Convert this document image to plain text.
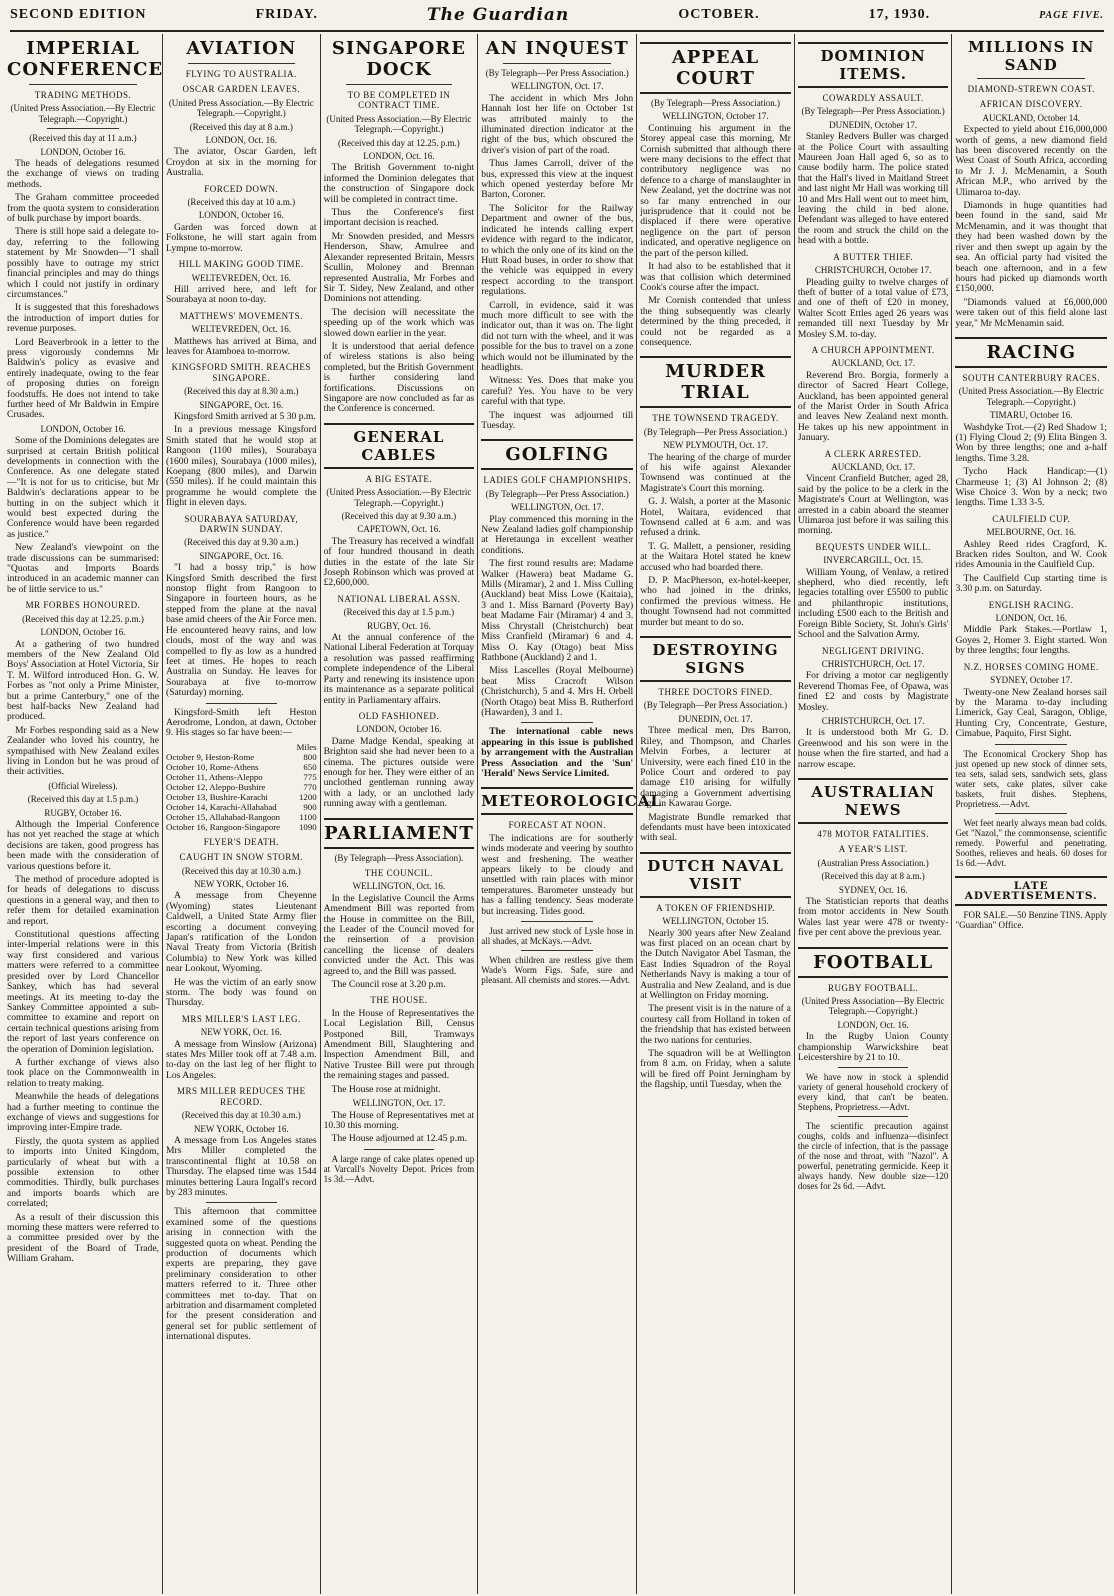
SECOND EDITION	FRIDAY.	The Guardian	OCTOBER.	17, 1930.	PAGE FIVE.
IMPERIAL CONFERENCE
TRADING METHODS.
(United Press Association.—By Electric Telegraph.—Copyright.)
(Received this day at 11 a.m.)
LONDON, October 16.

The heads of delegations resumed the exchange of views on trading methods.

The Graham committee proceeded from the quota system to consideration of bulk purchase by import boards.

There is still hope said a delegate to-day, referring to the following statement by Mr Snowden—"I shall possibly have to outrage my strict financial principles and may do things which I could not justify in ordinary circumstances."

It is suggested that this foreshadows the introduction of import duties for revenue purposes.

Lord Beaverbrook in a letter to the press vigorously condemns Mr Baldwin's policy as evasive and entirely inadequate, owing to the fear of proposing duties on foreign foodstuffs. He does not intend to take further heed of Mr Baldwin in Empire Crusades.

LONDON, October 16.

Some of the Dominions delegates are surprised at certain British political developments in connection with the Conference. As one delegate stated—"It is not for us to criticise, but Mr Baldwin's declarations appear to be butting in on the subject which it would best expected during the Conference would have been regarded as justice."

New Zealand's viewpoint on the trade discussions can be summarised: "Quotas and Imports Boards introduced in an academic manner can be of little service to us."

MR FORBES HONOURED.
(Received this day at 12.25. p.m.)
LONDON, October 16.

At a gathering of two hundred members of the New Zealand Old Boys' Association at Hotel Victoria, Sir T. M. Wilford introduced Hon. G. W. Forbes as "not only a Prime Minister, but a prime Canterbury," one of the best half-backs New Zealand had produced.

Mr Forbes responding said as a New Zealander who loved his country, he sympathised with New Zealand exiles living in London but he was proud of their activities.

(Official Wireless).
(Received this day at 1.5 p.m.)
RUGBY, October 16.

Although the Imperial Conference has not yet reached the stage at which decisions are taken, good progress has been made with the consideration of various questions before it.

The method of procedure adopted is for heads of delegations to discuss questions in a general way, and then to refer them for detailed examination and report.

Constitutional questions affecting inter-Imperial relations were in this way first considered and various matters were referred to a committee presided over by Lord Chancellor Sankey, which has had several meetings. At its meeting to-day the Sankey Committee appointed a sub-committee to examine and report on certain technical questions arising from the report of last years conference on the operation of Dominion legislation.

A further exchange of views also took place on the Commonwealth in relation to treaty making.

Meanwhile the heads of delegations had a further meeting to continue the exchange of views and suggestions for improving inter-Empire trade.

Firstly, the quota system as applied to imports into United Kingdom, particularly of wheat but with a possible extension to other commodities. Thirdly, bulk purchases and imports boards which are correlated;

As a result of their discussion this morning these matters were referred to a committee presided over by the president of the Board of Trade, William Graham.

AVIATION
FLYING TO AUSTRALIA.
OSCAR GARDEN LEAVES.
(United Press Association.—By Electric Telegraph.—Copyright.)
(Received this day at 8 a.m.)
LONDON, Oct. 16.

The aviator, Oscar Garden, left Croydon at six in the morning for Australia.

FORCED DOWN.
(Received this day at 10 a.m.)
LONDON, October 16.

Garden was forced down at Folkstone, he will start again from Lympne to-morrow.

HILL MAKING GOOD TIME.
WELTEVREDEN, Oct. 16.

Hill arrived here, and left for Sourabaya at noon to-day.

MATTHEWS' MOVEMENTS.
WELTEVREDEN, Oct. 16.

Matthews has arrived at Bima, and leaves for Atamboea to-morrow.

KINGSFORD SMITH. REACHES SINGAPORE.
(Received this day at 8.30 a.m.)
SINGAPORE, Oct. 16.

Kingsford Smith arrived at 5 30 p.m.

In a previous message Kingsford Smith stated that he would stop at Rangoon (1100 miles), Sourabaya (1600 miles), Sourabaya (1000 miles), Koepang (800 miles), and Darwin (550 miles). If he could maintain this programme he would complete the flight in eleven days.

SOURABAYA SATURDAY, DARWIN SUNDAY.
(Received this day at 9.30 a.m.)
SINGAPORE, Oct. 16.

"I had a bossy trip," is how Kingsford Smith described the first nonstop flight from Rangoon to Singapore in fourteen hours, as he stepped from the plane at the naval base amid cheers of the Air Force men. He encountered heavy rains, and low clouds, most of the way and was compelled to fly as low as a hundred feet at times. He hopes to reach Australia on Sunday. He leaves for Sourabaya at five to-morrow (Saturday) morning.

Kingsford-Smith left Heston Aerodrome, London, at dawn, October 9. His stages so far have been:—

Miles
October 9, Heston-Rome	800
October 10, Rome-Athens	650
October 11, Athens-Aleppo	775
October 12, Aleppo-Bushire	770
October 13, Bushire-Karachi	1200
October 14, Karachi-Allahabad	900
October 15, Allahabad-Rangoon 1100
October 16, Rangoon-Singapore 1090
FLYER'S DEATH.
CAUGHT IN SNOW STORM.
(Received this day at 10.30 a.m.)
NEW YORK, October 16.

A message from Cheyenne (Wyoming) states Lieutenant Caldwell, a United State Army flier escorting a document conveying Japan's ratification of the London Naval Treaty from Victoria (British Columbia) to New York was killed near Lookout, Wyoming.

He was the victim of an early snow storm. The body was found on Thursday.

MRS MILLER'S LAST LEG.
NEW YORK, Oct. 16.

A message from Winslow (Arizona) states Mrs Miller took off at 7.48 a.m. to-day on the last leg of her flight to Los Angeles.

MRS MILLER REDUCES THE RECORD.
(Received this day at 10.30 a.m.)
NEW YORK, October 16.

A message from Los Angeles states Mrs Miller completed the transcontinental flight at 10.58 on Thursday. The elapsed time was 1544 minutes bettering Laura Ingall's record by 283 minutes.

This afternoon that committee examined some of the questions arising in connection with the suggested quota on wheat. Pending the production of documents which experts are preparing, they gave preliminary consideration to other matters referred to it. Three other committees met to-day. That on arbitration and disarmament completed for the present consideration and general set for public settlement of international disputes.

SINGAPORE DOCK
TO BE COMPLETED IN CONTRACT TIME.
(United Press Association.—By Electric Telegraph.—Copyright.)
(Received this day at 12.25. p.m.)
LONDON, Oct. 16.

The British Government to-night informed the Dominion delegates that the construction of Singapore dock will be completed in contract time.

Thus the Conference's first important decision is reached.

Mr Snowden presided, and Messrs Henderson, Shaw, Amulree and Alexander represented Britain, Messrs Scullin, Moloney and Brennan represented Australia, Mr Forbes and Sir T. Sidey, New Zealand, and other Dominions not attending.

The decision will necessitate the speeding up of the work which was slowed down earlier in the year.

It is understood that aerial defence of wireless stations is also being completed, but the British Government is further considering land fortifications. Discussions on Singapore are now concluded as far as the Conference is concerned.

GENERAL CABLES
A BIG ESTATE.
(United Press Association.—By Electric Telegraph.—Copyright.)
(Received this day at 9.30 a.m.)
CAPETOWN, Oct. 16.

The Treasury has received a windfall of four hundred thousand in death duties in the estate of the late Sir Joseph Robinson which was proved at £2,600,000.

NATIONAL LIBERAL ASSN.
(Received this day at 1.5 p.m.)
RUGBY, Oct. 16.

At the annual conference of the National Liberal Federation at Torquay a resolution was passed reaffirming complete independence of the Liberal Party and renewing its insistence upon its maintenance as a separate political entity in Parliamentary affairs.

OLD FASHIONED.
LONDON, October 16.

Dame Madge Kendal, speaking at Brighton said she had never been to a cinema. The pictures outside were enough for her. They were either of an unclothed gentleman running away with a lady, or an unclothed lady running away with a gentleman.

PARLIAMENT
(By Telegraph—Press Association).
THE COUNCIL.
WELLINGTON, Oct. 16.

In the Legislative Council the Arms Amendment Bill was reported from the House in committee on the Bill, the Leader of the Council moved for the reinsertion of a provision cancelling the license of dealers convicted under the Act. This was agreed to, and the Bill was passed.

The Council rose at 3.20 p.m.

THE HOUSE.

In the House of Representatives the Local Legislation Bill, Census Postponed Bill, Tramways Amendment Bill, Slaughtering and Inspection Amendment Bill, and Native Trustee Bill were put through the remaining stages and passed.

The House rose at midnight.

WELLINGTON, Oct. 17.

The House of Representatives met at 10.30 this morning.

The House adjourned at 12.45 p.m.

A large range of cake plates opened up at Varcall's Novelty Depot. Prices from 1s 3d.—Advt.

AN INQUEST
(By Telegraph—Per Press Association.)
WELLINGTON, Oct. 17.

The accident in which Mrs John Hannah lost her life on October 1st was attributed mainly to the illuminated direction indicator at the right of the bus, which obscured the driver's vision of part of the road.

Thus James Carroll, driver of the bus, expressed this view at the inquest which opened yesterday before Mr Barton, Coroner.

The Solicitor for the Railway Department and owner of the bus, indicated he intends calling expert evidence with regard to the indicator, to which the only one of its kind on the Hutt Road buses, in order to show that the vehicle was equipped in every respect according to the transport regulations.

Carroll, in evidence, said it was much more difficult to see with the indicator out, than it was on. The light did not turn with the wheel, and it was possible for the bus to travel on a zone which would not be illuminated by the headlights.

Witness: Yes. Does that make you careful? Yes. You have to be very careful with that type.

The inquest was adjourned till Tuesday.

GOLFING
LADIES GOLF CHAMPIONSHIPS.
(By Telegraph—Per Press Association.)
WELLINGTON, Oct. 17.

Play commenced this morning in the New Zealand ladies golf championship at Heretaunga in excellent weather conditions.

The first round results are: Madame Walker (Hawera) beat Madame G. Mills (Miramar), 2 and 1. Miss Culling (Auckland) beat Miss Lowe (Kaitaia), 3 and 1. Miss Barnard (Poverty Bay) beat Madame Fair (Miramar) 4 and 3. Miss Chrystall (Christchurch) beat Miss Cranfield (Miramar) 6 and 4. Miss O. Kay (Otago) beat Miss Rathbone (Auckland) 2 and 1.

Miss Lascelles (Royal Melbourne) beat Miss Cracroft Wilson (Christchurch), 5 and 4. Mrs H. Orbell (North Otago) beat Miss B. Rutherford (Hawarden), 3 and 1.

The international cable news appearing in this issue is published by arrangement with the Australian Press Association and the 'Sun' 'Herald' News Service Limited.

METEOROLOGICAL
FORECAST AT NOON.

The indications are for southerly winds moderate and veering by southto west and freshening. The weather appears likely to be cloudy and unsettled with rain places with minor temperatures. Barometer unsteady but has a falling tendency. Seas moderate but increasing. Tides good.

Just arrived new stock of Lysle hose in all shades, at McKays.—Advt.

When children are restless give them Wade's Worm Figs. Safe, sure and pleasant. All chemists and stores.—Advt.

APPEAL COURT
(By Telegraph—Press Association.)
WELLINGTON, October 17.

Continuing his argument in the Storey appeal case this morning, Mr Cornish submitted that although there were many decisions to the effect that contributory negligence was no defence to a charge of manslaughter in New Zealand, yet the doctrine was not so far many entrenched in our jurisprudence that it could not be displaced if there were operative negligence on the part of person indicated, and operative negligence on the part of the person killed.

It had also to be established that it was that collision which determined Cook's course after the impact.

Mr Cornish contended that unless the thing subsequently was clearly determined by the thing preceded, it could not be regarded as a consequence.

MURDER TRIAL
THE TOWNSEND TRAGEDY.
(By Telegraph—Per Press Association.)
NEW PLYMOUTH, Oct. 17.

The hearing of the charge of murder of his wife against Alexander Townsend was continued at the Magistrate's Court this morning.

G. J. Walsh, a porter at the Masonic Hotel, Waitara, evidenced that Townsend called at 6 a.m. and was refused a drink.

T. G. Mallett, a pensioner, residing at the Waitara Hotel stated he knew accused who had boarded there.

D. P. MacPherson, ex-hotel-keeper, who had joined in the drinks, confirmed the previous witness. He thought Townsend had not committed murder but meant to do so.

DESTROYING SIGNS
THREE DOCTORS FINED.
(By Telegraph—Per Press Association.)
DUNEDIN, Oct. 17.

Three medical men, Drs Barron, Riley, and Thompson, and Charles Melvin Forbes, a lecturer at University, were each fined £10 in the Police Court and ordered to pay damage £10 arising for wilfully damaging a Government advertising sign in Kawarau Gorge.

Magistrate Bundle remarked that defendants must have been intoxicated with seal.

DUTCH NAVAL VISIT
A TOKEN OF FRIENDSHIP.
WELLINGTON, October 15.

Nearly 300 years after New Zealand was first placed on an ocean chart by the Dutch Navigator Abel Tasman, the East Indies Squadron of the Royal Netherlands Navy is making a tour of Australia and New Zealand, and is due at Wellington on Friday morning.

The present visit is in the nature of a courtesy call from Holland in token of the friendship that has existed between the two nations for centuries.

The squadron will be at Wellington from 8 a.m. on Friday, when a salute will be fired off Point Jerningham by the flagship, until Tuesday, when the

DOMINION ITEMS.
COWARDLY ASSAULT.
(By Telegraph—Per Press Association.)
DUNEDIN, October 17.

Stanley Redvers Buller was charged at the Police Court with assaulting Maureen Joan Hall aged 6, so as to cause bodily harm. The police stated that the Hall's lived in Maitland Street and last night Mr Hall was working till 10 and Mrs Hall went out to meet him, leaving the child in bed alone. Defendant was alleged to have entered the room and struck the child on the head with a bottle.

A BUTTER THIEF.
CHRISTCHURCH, October 17.

Pleading guilty to twelve charges of theft of butter of a total value of £73, and one of theft of £20 in money, Walter Scott Ettles aged 26 years was remanded till next Tuesday by Mr Mosley S.M. to-day.

A CHURCH APPOINTMENT.
AUCKLAND, Oct. 17.

Reverend Bro. Borgia, formerly a director of Sacred Heart College, Auckland, has been appointed general of the Marist Order in South Africa and leaves New Zealand next month. He takes up his new appointment in January.

A CLERK ARRESTED.
AUCKLAND, Oct. 17.

Vincent Cranfield Butcher, aged 28, said by the police to be a clerk in the Magistrate's Court at Wellington, was arrested in a cabin aboard the steamer Ulimaroa just before it was sailing this morning.

BEQUESTS UNDER WILL.
INVERCARGILL, Oct. 15.

William Young, of Venlaw, a retired shepherd, who died recently, left legacies totalling over £5500 to public and philanthropic institutions, including £500 each to the British and Foreign Bible Society, St. John's Girls' School and the Salvation Army.

NEGLIGENT DRIVING.
CHRISTCHURCH, Oct. 17.

For driving a motor car negligently Reverend Thomas Fee, of Opawa, was fined £2 and costs by Magistrate Mosley.

CHRISTCHURCH, Oct. 17.

It is understood both Mr G. D. Greenwood and his son were in the house when the fire started, and had a narrow escape.

AUSTRALIAN NEWS
478 MOTOR FATALITIES.
A YEAR'S LIST.
(Australian Press Association.)
(Received this day at 8 a.m.)
SYDNEY, Oct. 16.

The Statistician reports that deaths from motor accidents in New South Wales last year were 478 or twenty-five per cent above the previous year.

FOOTBALL
RUGBY FOOTBALL.
(United Press Association—By Electric Telegraph.—Copyright.)
LONDON, Oct. 16.

In the Rugby Union County championship Warwickshire beat Leicestershire by 21 to 10.

We have now in stock a splendid variety of general household crockery of every kind, that can't be beaten. Stephens, Proprietress.—Advt.

The scientific precaution against coughs, colds and influenza—disinfect the circle of infection, that is the passage of the nose and throat, with "Nazol". A powerful, penetrating germicide. Keep it always handy. New double size—120 doses for 2s 6d. —Advt.

MILLIONS IN SAND
DIAMOND-STREWN COAST.
AFRICAN DISCOVERY.
AUCKLAND, October 14.

Expected to yield about £16,000,000 worth of gems, a new diamond field has been discovered recently on the West Coast of South Africa, according to Mr J. J. McMenamin, a South African M.P., who arrived by the Ulimaroa to-day.

Diamonds in huge quantities had been found in the sand, said Mr McMenamin, and it was thought that they had been washed down by the river and then swept up again by the sea. An official party had visited the beach one afternoon, and in a few hours had picked up diamonds worth £150,000.

"Diamonds valued at £6,000,000 were taken out of this field alone last year," Mr McMenamin said.

RACING
SOUTH CANTERBURY RACES.
(United Press Association.—By Electric Telegraph.—Copyright.)
TIMARU, October 16.

Washdyke Trot.—(2) Red Shadow 1; (1) Flying Cloud 2; (9) Elita Bingen 3. Won by three lengths; one and a-half lengths. Time 3.28.

Tycho Hack Handicap:—(1) Charmeuse 1; (3) Al Johnson 2; (8) Wise Choice 3. Won by a neck; two lengths. Time 1.33 3-5.

CAULFIELD CUP.
MELBOURNE, Oct. 16.

Ashley Reed rides Cragford, K. Bracken rides Soulton, and W. Cook rides Amounia in the Caulfield Cup.

The Caulfield Cup starting time is 3.30 p.m. on Saturday.

ENGLISH RACING.
LONDON, Oct. 16.

Middle Park Stakes.—Portlaw 1, Goyes 2, Homer 3. Eight started. Won by three lengths; four lengths.

N.Z. HORSES COMING HOME.
SYDNEY, October 17.

Twenty-one New Zealand horses sail by the Marama to-day including Limerick, Gay Ceal, Saragon, Oblige, Hunting Cry, Concentrate, Gesture, Cimabue, Paquito, First Sight.

The Economical Crockery Shop has just opened up new stock of dinner sets, tea sets, salad sets, sandwich sets, glass water sets, cake plates, silver cake baskets, fruit dishes. Stephens, Proprietress.—Advt.

Wet feet nearly always mean bad colds. Get "Nazol," the commonsense, scientific remedy. Powerful and penetrating. Soothes, relieves and heals. 60 doses for 1s 6d.—Advt.

LATE ADVERTISEMENTS.

FOR SALE.—50 Benzine TINS. Apply "Guardian" Office.
